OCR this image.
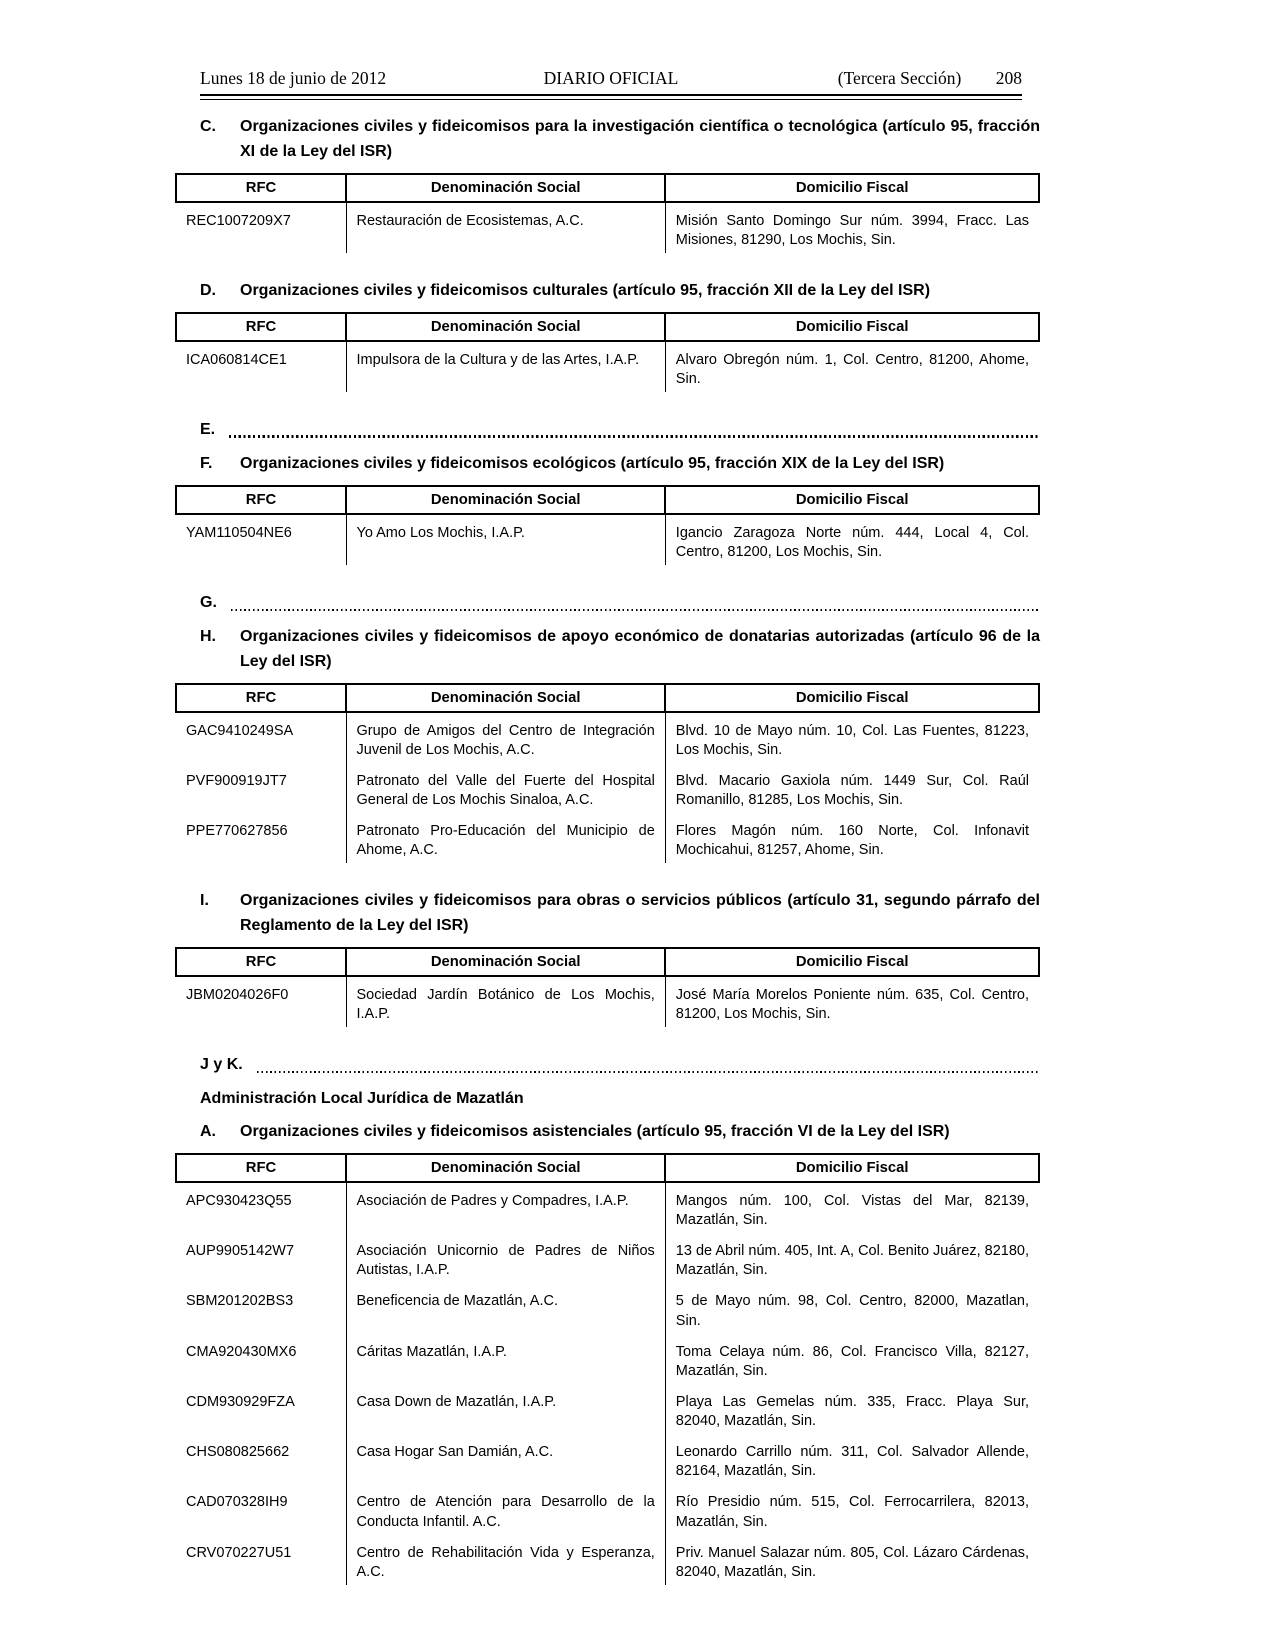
Lunes 18 de junio de 2012	DIARIO OFICIAL	(Tercera Sección) 208
C. Organizaciones civiles y fideicomisos para la investigación científica o tecnológica (artículo 95, fracción XI de la Ley del ISR)
RFC	Denominación Social	Domicilio Fiscal
REC1007209X7	Restauración de Ecosistemas, A.C.	Misión Santo Domingo Sur núm. 3994, Fracc. Las Misiones, 81290, Los Mochis, Sin.
D. Organizaciones civiles y fideicomisos culturales (artículo 95, fracción XII de la Ley del ISR)
RFC	Denominación Social	Domicilio Fiscal
ICA060814CE1	Impulsora de la Cultura y de las Artes, I.A.P.	Alvaro Obregón núm. 1, Col. Centro, 81200, Ahome, Sin.
E.
F. Organizaciones civiles y fideicomisos ecológicos (artículo 95, fracción XIX de la Ley del ISR)
RFC	Denominación Social	Domicilio Fiscal
YAM110504NE6	Yo Amo Los Mochis, I.A.P.	Igancio Zaragoza Norte núm. 444, Local 4, Col. Centro, 81200, Los Mochis, Sin.
G.
H. Organizaciones civiles y fideicomisos de apoyo económico de donatarias autorizadas (artículo 96 de la Ley del ISR)
RFC	Denominación Social	Domicilio Fiscal
GAC9410249SA	Grupo de Amigos del Centro de Integración Juvenil de Los Mochis, A.C.	Blvd. 10 de Mayo núm. 10, Col. Las Fuentes, 81223, Los Mochis, Sin.
PVF900919JT7	Patronato del Valle del Fuerte del Hospital General de Los Mochis Sinaloa, A.C.	Blvd. Macario Gaxiola núm. 1449 Sur, Col. Raúl Romanillo, 81285, Los Mochis, Sin.
PPE770627856	Patronato Pro-Educación del Municipio de Ahome, A.C.	Flores Magón núm. 160 Norte, Col. Infonavit Mochicahui, 81257, Ahome, Sin.
I. Organizaciones civiles y fideicomisos para obras o servicios públicos (artículo 31, segundo párrafo del Reglamento de la Ley del ISR)
RFC	Denominación Social	Domicilio Fiscal
JBM0204026F0	Sociedad Jardín Botánico de Los Mochis, I.A.P.	José María Morelos Poniente núm. 635, Col. Centro, 81200, Los Mochis, Sin.
J y K.
Administración Local Jurídica de Mazatlán
A. Organizaciones civiles y fideicomisos asistenciales (artículo 95, fracción VI de la Ley del ISR)
RFC	Denominación Social	Domicilio Fiscal
APC930423Q55	Asociación de Padres y Compadres, I.A.P.	Mangos núm. 100, Col. Vistas del Mar, 82139, Mazatlán, Sin.
AUP9905142W7	Asociación Unicornio de Padres de Niños Autistas, I.A.P.	13 de Abril núm. 405, Int. A, Col. Benito Juárez, 82180, Mazatlán, Sin.
SBM201202BS3	Beneficencia de Mazatlán, A.C.	5 de Mayo núm. 98, Col. Centro, 82000, Mazatlan, Sin.
CMA920430MX6	Cáritas Mazatlán, I.A.P.	Toma Celaya núm. 86, Col. Francisco Villa, 82127, Mazatlán, Sin.
CDM930929FZA	Casa Down de Mazatlán, I.A.P.	Playa Las Gemelas núm. 335, Fracc. Playa Sur, 82040, Mazatlán, Sin.
CHS080825662	Casa Hogar San Damián, A.C.	Leonardo Carrillo núm. 311, Col. Salvador Allende, 82164, Mazatlán, Sin.
CAD070328IH9	Centro de Atención para Desarrollo de la Conducta Infantil. A.C.	Río Presidio núm. 515, Col. Ferrocarrilera, 82013, Mazatlán, Sin.
CRV070227U51	Centro de Rehabilitación Vida y Esperanza, A.C.	Priv. Manuel Salazar núm. 805, Col. Lázaro Cárdenas, 82040, Mazatlán, Sin.
